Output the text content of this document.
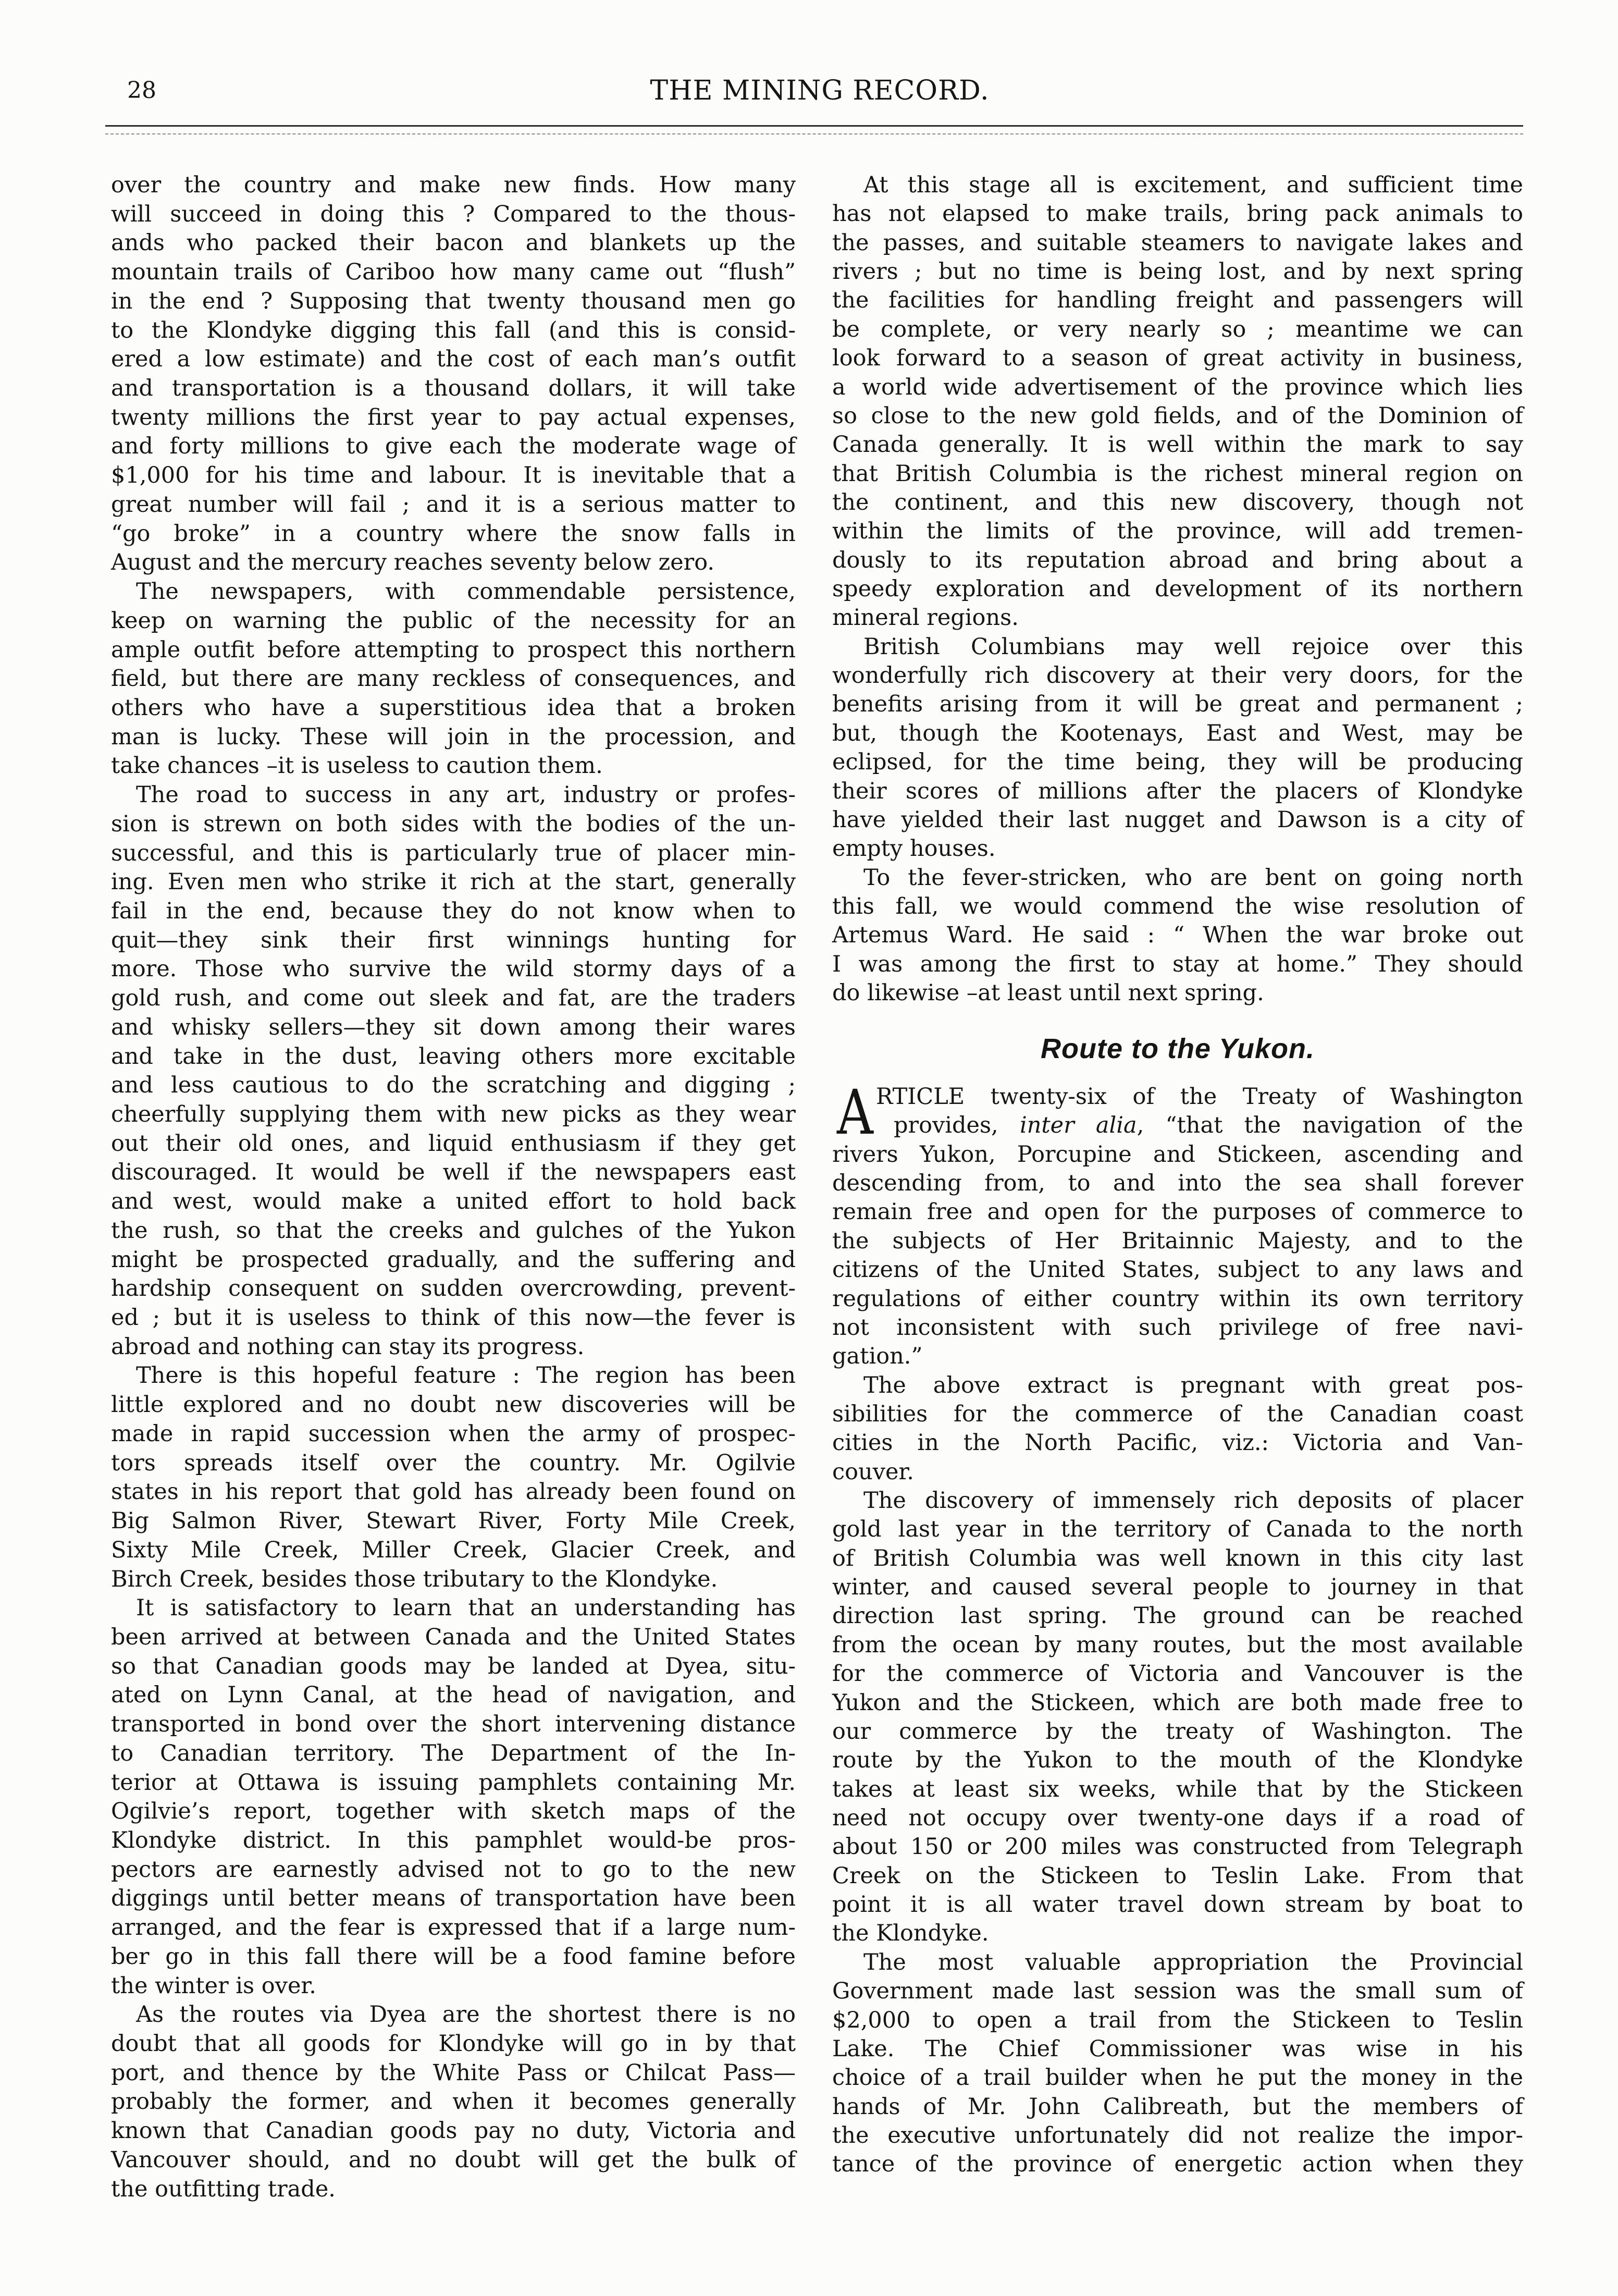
28	THE MINING RECORD.
over the country and make new finds. How many
will succeed in doing this ? Compared to the thous-
ands who packed their bacon and blankets up the
mountain trails of Cariboo how many came out “flush”
in the end ? Supposing that twenty thousand men go
to the Klondyke digging this fall (and this is consid-
ered a low estimate) and the cost of each man’s outfit
and transportation is a thousand dollars, it will take
twenty millions the first year to pay actual expenses,
and forty millions to give each the moderate wage of
$1,000 for his time and labour. It is inevitable that a
great number will fail ; and it is a serious matter to
“go broke” in a country where the snow falls in
August and the mercury reaches seventy below zero.
The newspapers, with commendable persistence,
keep on warning the public of the necessity for an
ample outfit before attempting to prospect this northern
field, but there are many reckless of consequences, and
others who have a superstitious idea that a broken
man is lucky. These will join in the procession, and
take chances –it is useless to caution them.
The road to success in any art, industry or profes-
sion is strewn on both sides with the bodies of the un-
successful, and this is particularly true of placer min-
ing. Even men who strike it rich at the start, generally
fail in the end, because they do not know when to
quit—they sink their first winnings hunting for
more. Those who survive the wild stormy days of a
gold rush, and come out sleek and fat, are the traders
and whisky sellers—they sit down among their wares
and take in the dust, leaving others more excitable
and less cautious to do the scratching and digging ;
cheerfully supplying them with new picks as they wear
out their old ones, and liquid enthusiasm if they get
discouraged. It would be well if the newspapers east
and west, would make a united effort to hold back
the rush, so that the creeks and gulches of the Yukon
might be prospected gradually, and the suffering and
hardship consequent on sudden overcrowding, prevent-
ed ; but it is useless to think of this now—the fever is
abroad and nothing can stay its progress.
There is this hopeful feature : The region has been
little explored and no doubt new discoveries will be
made in rapid succession when the army of prospec-
tors spreads itself over the country. Mr. Ogilvie
states in his report that gold has already been found on
Big Salmon River, Stewart River, Forty Mile Creek,
Sixty Mile Creek, Miller Creek, Glacier Creek, and
Birch Creek, besides those tributary to the Klondyke.
It is satisfactory to learn that an understanding has
been arrived at between Canada and the United States
so that Canadian goods may be landed at Dyea, situ-
ated on Lynn Canal, at the head of navigation, and
transported in bond over the short intervening distance
to Canadian territory. The Department of the In-
terior at Ottawa is issuing pamphlets containing Mr.
Ogilvie’s report, together with sketch maps of the
Klondyke district. In this pamphlet would-be pros-
pectors are earnestly advised not to go to the new
diggings until better means of transportation have been
arranged, and the fear is expressed that if a large num-
ber go in this fall there will be a food famine before
the winter is over.
As the routes via Dyea are the shortest there is no
doubt that all goods for Klondyke will go in by that
port, and thence by the White Pass or Chilcat Pass—
probably the former, and when it becomes generally
known that Canadian goods pay no duty, Victoria and
Vancouver should, and no doubt will get the bulk of
the outfitting trade.
At this stage all is excitement, and sufficient time
has not elapsed to make trails, bring pack animals to
the passes, and suitable steamers to navigate lakes and
rivers ; but no time is being lost, and by next spring
the facilities for handling freight and passengers will
be complete, or very nearly so ; meantime we can
look forward to a season of great activity in business,
a world wide advertisement of the province which lies
so close to the new gold fields, and of the Dominion of
Canada generally. It is well within the mark to say
that British Columbia is the richest mineral region on
the continent, and this new discovery, though not
within the limits of the province, will add tremen-
dously to its reputation abroad and bring about a
speedy exploration and development of its northern
mineral regions.
British Columbians may well rejoice over this
wonderfully rich discovery at their very doors, for the
benefits arising from it will be great and permanent ;
but, though the Kootenays, East and West, may be
eclipsed, for the time being, they will be producing
their scores of millions after the placers of Klondyke
have yielded their last nugget and Dawson is a city of
empty houses.
To the fever-stricken, who are bent on going north
this fall, we would commend the wise resolution of
Artemus Ward. He said : “ When the war broke out
I was among the first to stay at home.” They should
do likewise –at least until next spring.
Route to the Yukon.
A RTICLE twenty-six of the Treaty of Washington
provides, inter alia, “that the navigation of the
rivers Yukon, Porcupine and Stickeen, ascending and
descending from, to and into the sea shall forever
remain free and open for the purposes of commerce to
the subjects of Her Britainnic Majesty, and to the
citizens of the United States, subject to any laws and
regulations of either country within its own territory
not inconsistent with such privilege of free navi-
gation.”
The above extract is pregnant with great pos-
sibilities for the commerce of the Canadian coast
cities in the North Pacific, viz.: Victoria and Van-
couver.
The discovery of immensely rich deposits of placer
gold last year in the territory of Canada to the north
of British Columbia was well known in this city last
winter, and caused several people to journey in that
direction last spring. The ground can be reached
from the ocean by many routes, but the most available
for the commerce of Victoria and Vancouver is the
Yukon and the Stickeen, which are both made free to
our commerce by the treaty of Washington. The
route by the Yukon to the mouth of the Klondyke
takes at least six weeks, while that by the Stickeen
need not occupy over twenty-one days if a road of
about 150 or 200 miles was constructed from Telegraph
Creek on the Stickeen to Teslin Lake. From that
point it is all water travel down stream by boat to
the Klondyke.
The most valuable appropriation the Provincial
Government made last session was the small sum of
$2,000 to open a trail from the Stickeen to Teslin
Lake. The Chief Commissioner was wise in his
choice of a trail builder when he put the money in the
hands of Mr. John Calibreath, but the members of
the executive unfortunately did not realize the impor-
tance of the province of energetic action when they
